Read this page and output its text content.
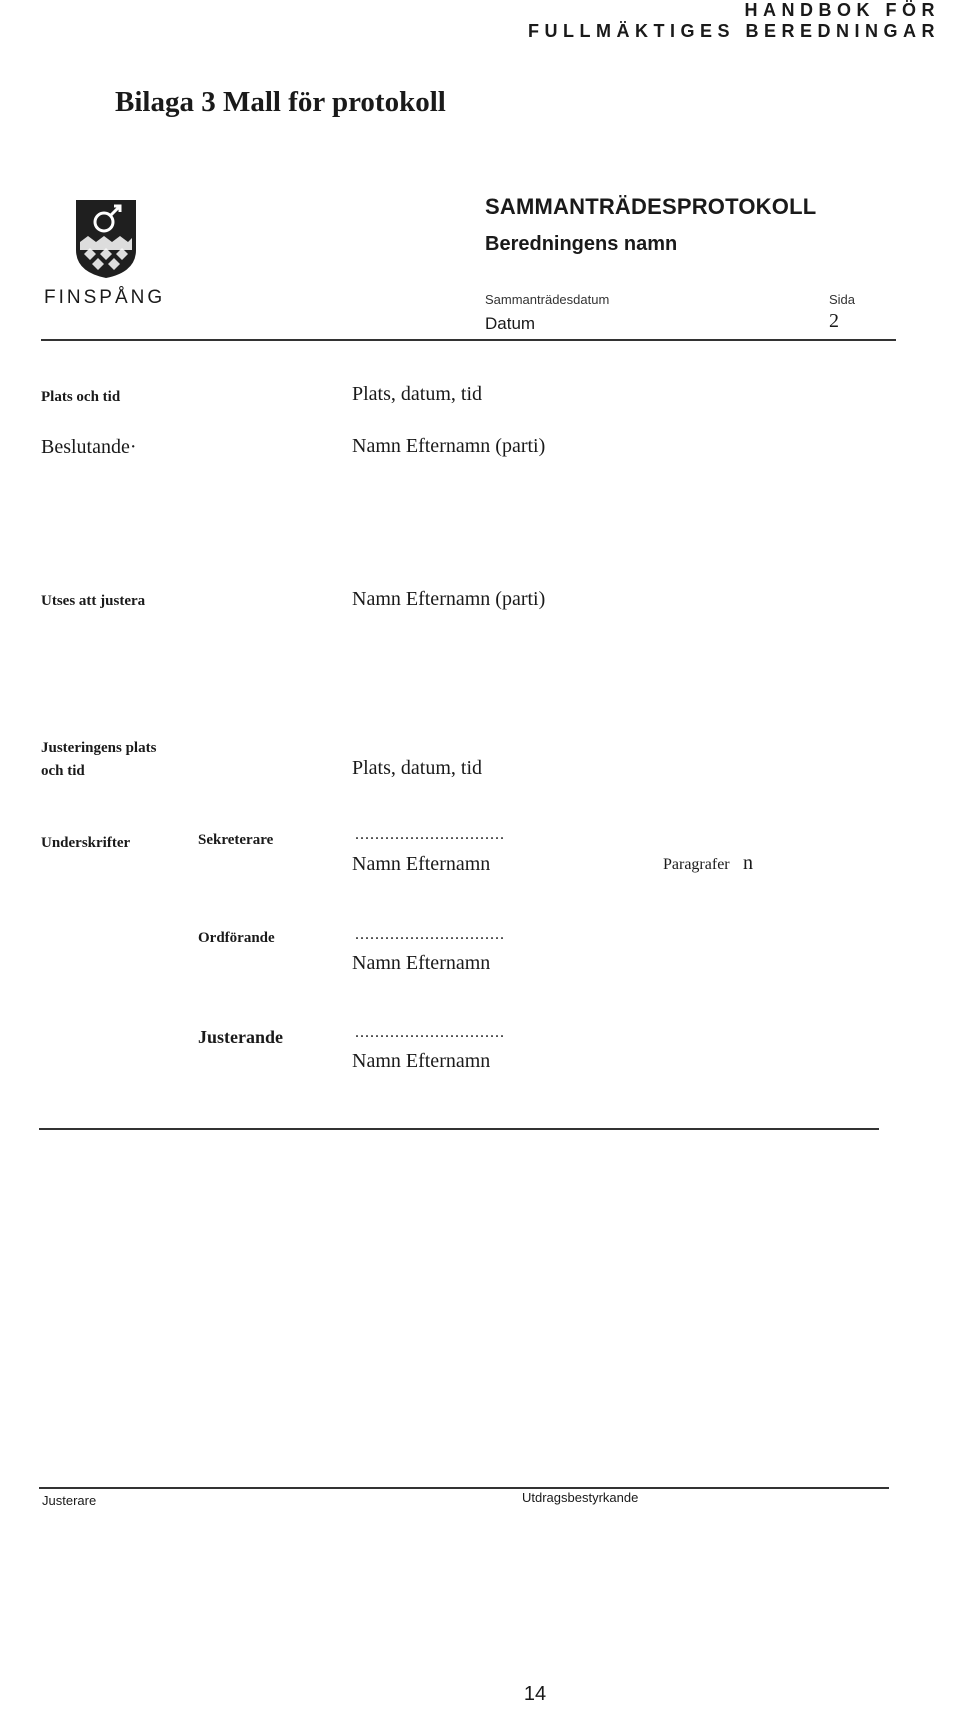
HANDBOK FÖR
FULLMÄKTIGES BEREDNINGAR
Bilaga 3 Mall för protokoll
FINSPÅNG
SAMMANTRÄDESPROTOKOLL
Beredningens namn
Sammanträdesdatum
Datum
Sida
2
Plats och tid	Plats, datum, tid
Beslutande·	Namn Efternamn (parti)
Utses att justera	Namn Efternamn (parti)
Justeringens plats
och tid	Plats, datum, tid
Underskrifter	Sekreterare	..............................
Namn Efternamn	Paragrafer n
Ordförande	..............................
Namn Efternamn
Justerande	..............................
Namn Efternamn
Justerare	Utdragsbestyrkande
14
